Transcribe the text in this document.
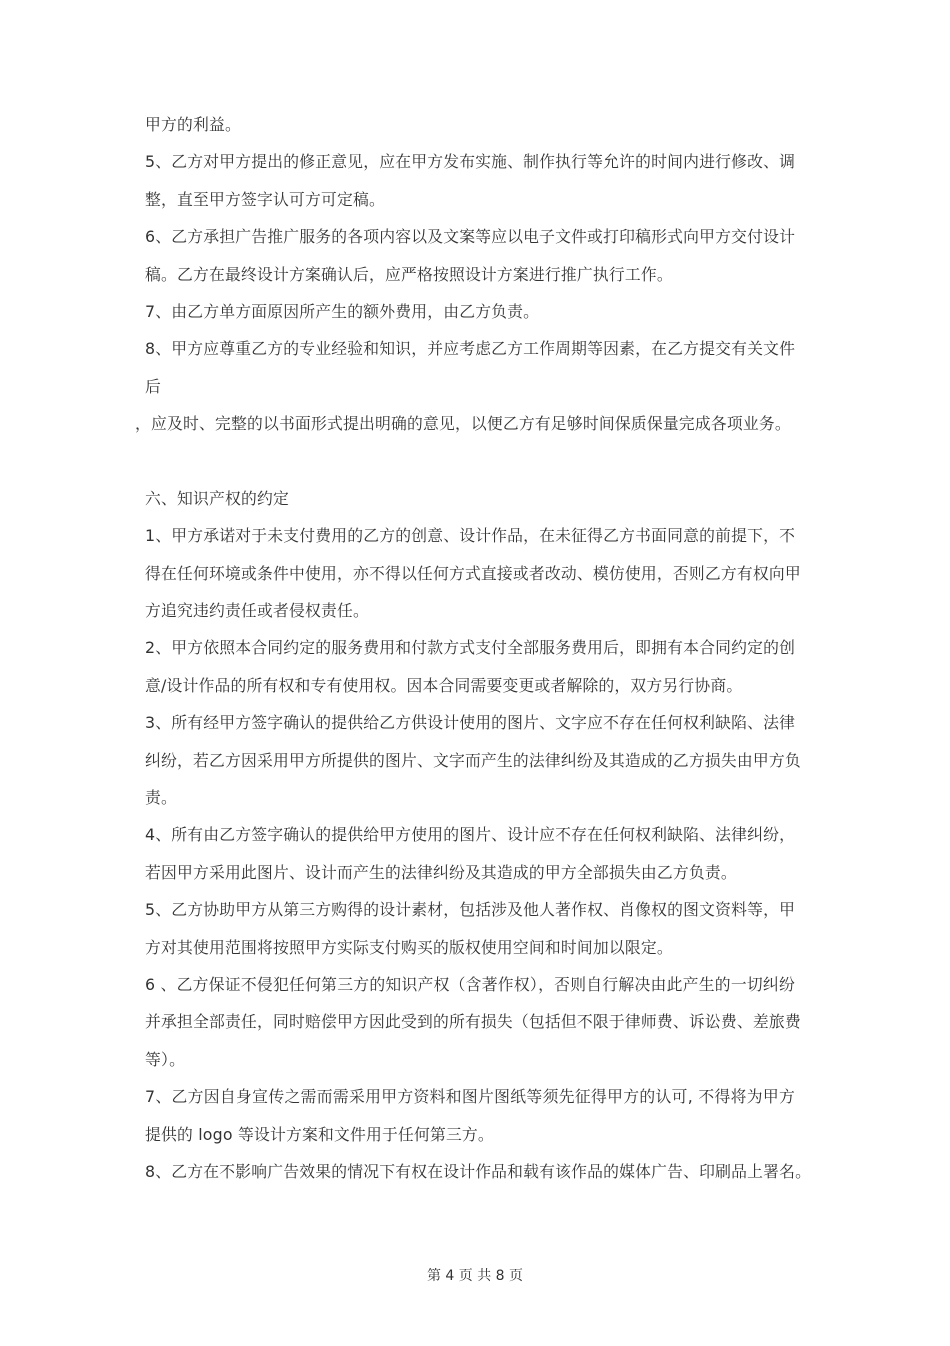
甲方的利益。
5、乙方对甲方提出的修正意见，应在甲方发布实施、制作执行等允许的时间内进行修改、调
整，直至甲方签字认可方可定稿。
6、乙方承担广告推广服务的各项内容以及文案等应以电子文件或打印稿形式向甲方交付设计
稿。乙方在最终设计方案确认后，应严格按照设计方案进行推广执行工作。
7、由乙方单方面原因所产生的额外费用，由乙方负责。
8、甲方应尊重乙方的专业经验和知识，并应考虑乙方工作周期等因素，在乙方提交有关文件
后
，应及时、完整的以书面形式提出明确的意见，以便乙方有足够时间保质保量完成各项业务。
六、知识产权的约定
1、甲方承诺对于未支付费用的乙方的创意、设计作品，在未征得乙方书面同意的前提下，不
得在任何环境或条件中使用，亦不得以任何方式直接或者改动、模仿使用，否则乙方有权向甲
方追究违约责任或者侵权责任。
2、甲方依照本合同约定的服务费用和付款方式支付全部服务费用后，即拥有本合同约定的创
意/设计作品的所有权和专有使用权。因本合同需要变更或者解除的，双方另行协商。
3、所有经甲方签字确认的提供给乙方供设计使用的图片、文字应不存在任何权利缺陷、法律
纠纷，若乙方因采用甲方所提供的图片、文字而产生的法律纠纷及其造成的乙方损失由甲方负
责。
4、所有由乙方签字确认的提供给甲方使用的图片、设计应不存在任何权利缺陷、法律纠纷，
若因甲方采用此图片、设计而产生的法律纠纷及其造成的甲方全部损失由乙方负责。
5、乙方协助甲方从第三方购得的设计素材，包括涉及他人著作权、肖像权的图文资料等，甲
方对其使用范围将按照甲方实际支付购买的版权使用空间和时间加以限定。
6 、乙方保证不侵犯任何第三方的知识产权（含著作权），否则自行解决由此产生的一切纠纷
并承担全部责任，同时赔偿甲方因此受到的所有损失（包括但不限于律师费、诉讼费、差旅费
等）。
7、乙方因自身宣传之需而需采用甲方资料和图片图纸等须先征得甲方的认可, 不得将为甲方
提供的 logo 等设计方案和文件用于任何第三方。
8、乙方在不影响广告效果的情况下有权在设计作品和载有该作品的媒体广告、印刷品上署名。
第 4 页 共 8 页
